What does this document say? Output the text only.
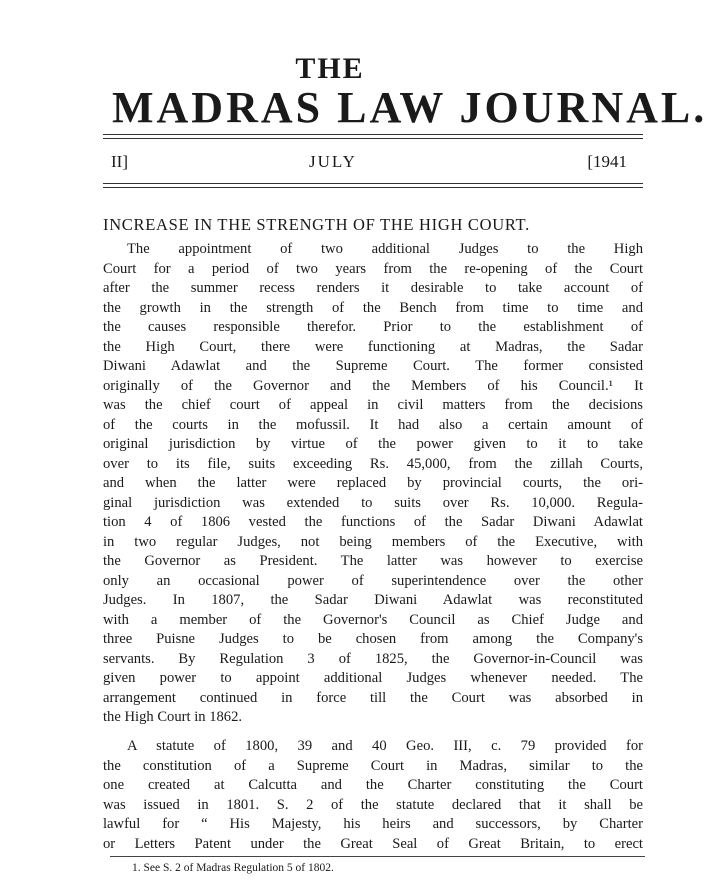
THE
MADRAS LAW JOURNAL.
II]	JULY	[1941
INCREASE IN THE STRENGTH OF THE HIGH COURT.
The appointment of two additional Judges to the High
Court for a period of two years from the re-opening of the Court
after the summer recess renders it desirable to take account of
the growth in the strength of the Bench from time to time and
the causes responsible therefor. Prior to the establishment of
the High Court, there were functioning at Madras, the Sadar
Diwani Adawlat and the Supreme Court. The former consisted
originally of the Governor and the Members of his Council.¹ It
was the chief court of appeal in civil matters from the decisions
of the courts in the mofussil. It had also a certain amount of
original jurisdiction by virtue of the power given to it to take
over to its file, suits exceeding Rs. 45,000, from the zillah Courts,
and when the latter were replaced by provincial courts, the ori-
ginal jurisdiction was extended to suits over Rs. 10,000. Regula-
tion 4 of 1806 vested the functions of the Sadar Diwani Adawlat
in two regular Judges, not being members of the Executive, with
the Governor as President. The latter was however to exercise
only an occasional power of superintendence over the other
Judges. In 1807, the Sadar Diwani Adawlat was reconstituted
with a member of the Governor's Council as Chief Judge and
three Puisne Judges to be chosen from among the Company's
servants. By Regulation 3 of 1825, the Governor-in-Council was
given power to appoint additional Judges whenever needed. The
arrangement continued in force till the Court was absorbed in
the High Court in 1862.
A statute of 1800, 39 and 40 Geo. III, c. 79 provided for
the constitution of a Supreme Court in Madras, similar to the
one created at Calcutta and the Charter constituting the Court
was issued in 1801. S. 2 of the statute declared that it shall be
lawful for “ His Majesty, his heirs and successors, by Charter
or Letters Patent under the Great Seal of Great Britain, to erect
1. See S. 2 of Madras Regulation 5 of 1802.
